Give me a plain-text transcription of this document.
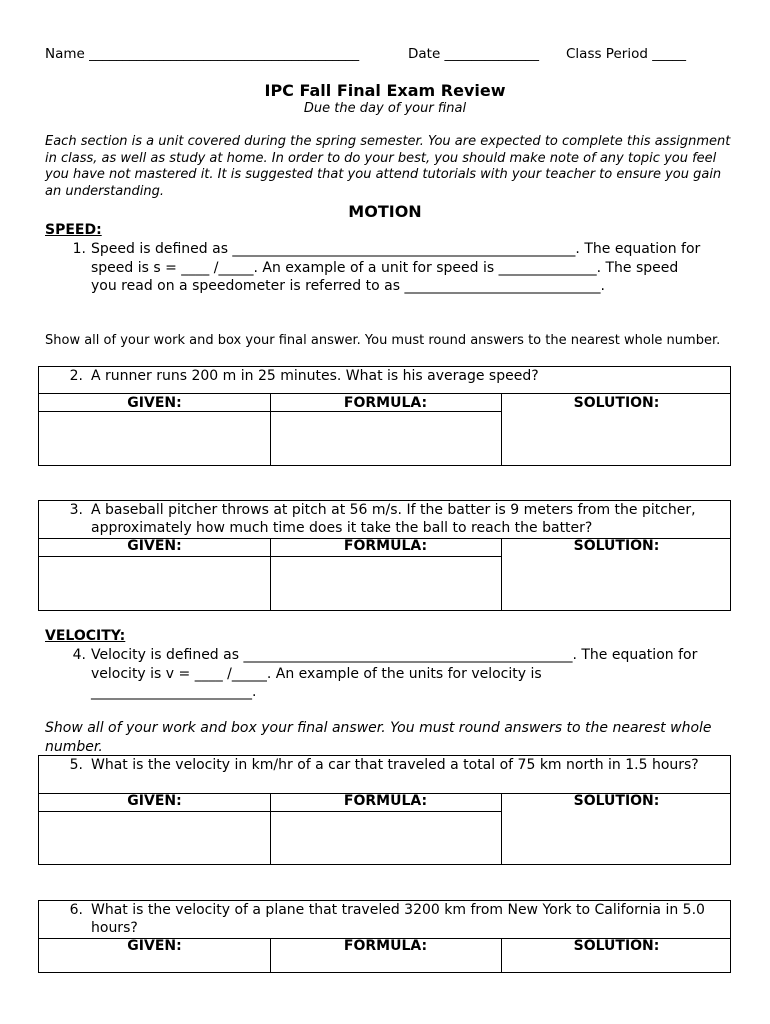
Name ________________________________________	Date ______________ Class Period _____
IPC Fall Final Exam Review
Due the day of your final
Each section is a unit covered during the spring semester. You are expected to complete this assignment in class, as well as study at home. In order to do your best, you should make note of any topic you feel you have not mastered it. It is suggested that you attend tutorials with your teacher to ensure you gain an understanding.
MOTION
SPEED:
1. Speed is defined as _________________________________________________. The equation for speed is s = ____ /_____. An example of a unit for speed is ______________. The speed you read on a speedometer is referred to as ____________________________.
Show all of your work and box your final answer. You must round answers to the nearest whole number.
2. A runner runs 200 m in 25 minutes. What is his average speed?
GIVEN:	FORMULA:	SOLUTION:
3. A baseball pitcher throws at pitch at 56 m/s. If the batter is 9 meters from the pitcher, approximately how much time does it take the ball to reach the batter?
GIVEN:	FORMULA:	SOLUTION:
VELOCITY:
4. Velocity is defined as _______________________________________________. The equation for velocity is v = ____ /_____. An example of the units for velocity is _______________________.
Show all of your work and box your final answer. You must round answers to the nearest whole number.
5. What is the velocity in km/hr of a car that traveled a total of 75 km north in 1.5 hours?
GIVEN:	FORMULA:	SOLUTION:
6. What is the velocity of a plane that traveled 3200 km from New York to California in 5.0 hours?
GIVEN:	FORMULA:	SOLUTION:
